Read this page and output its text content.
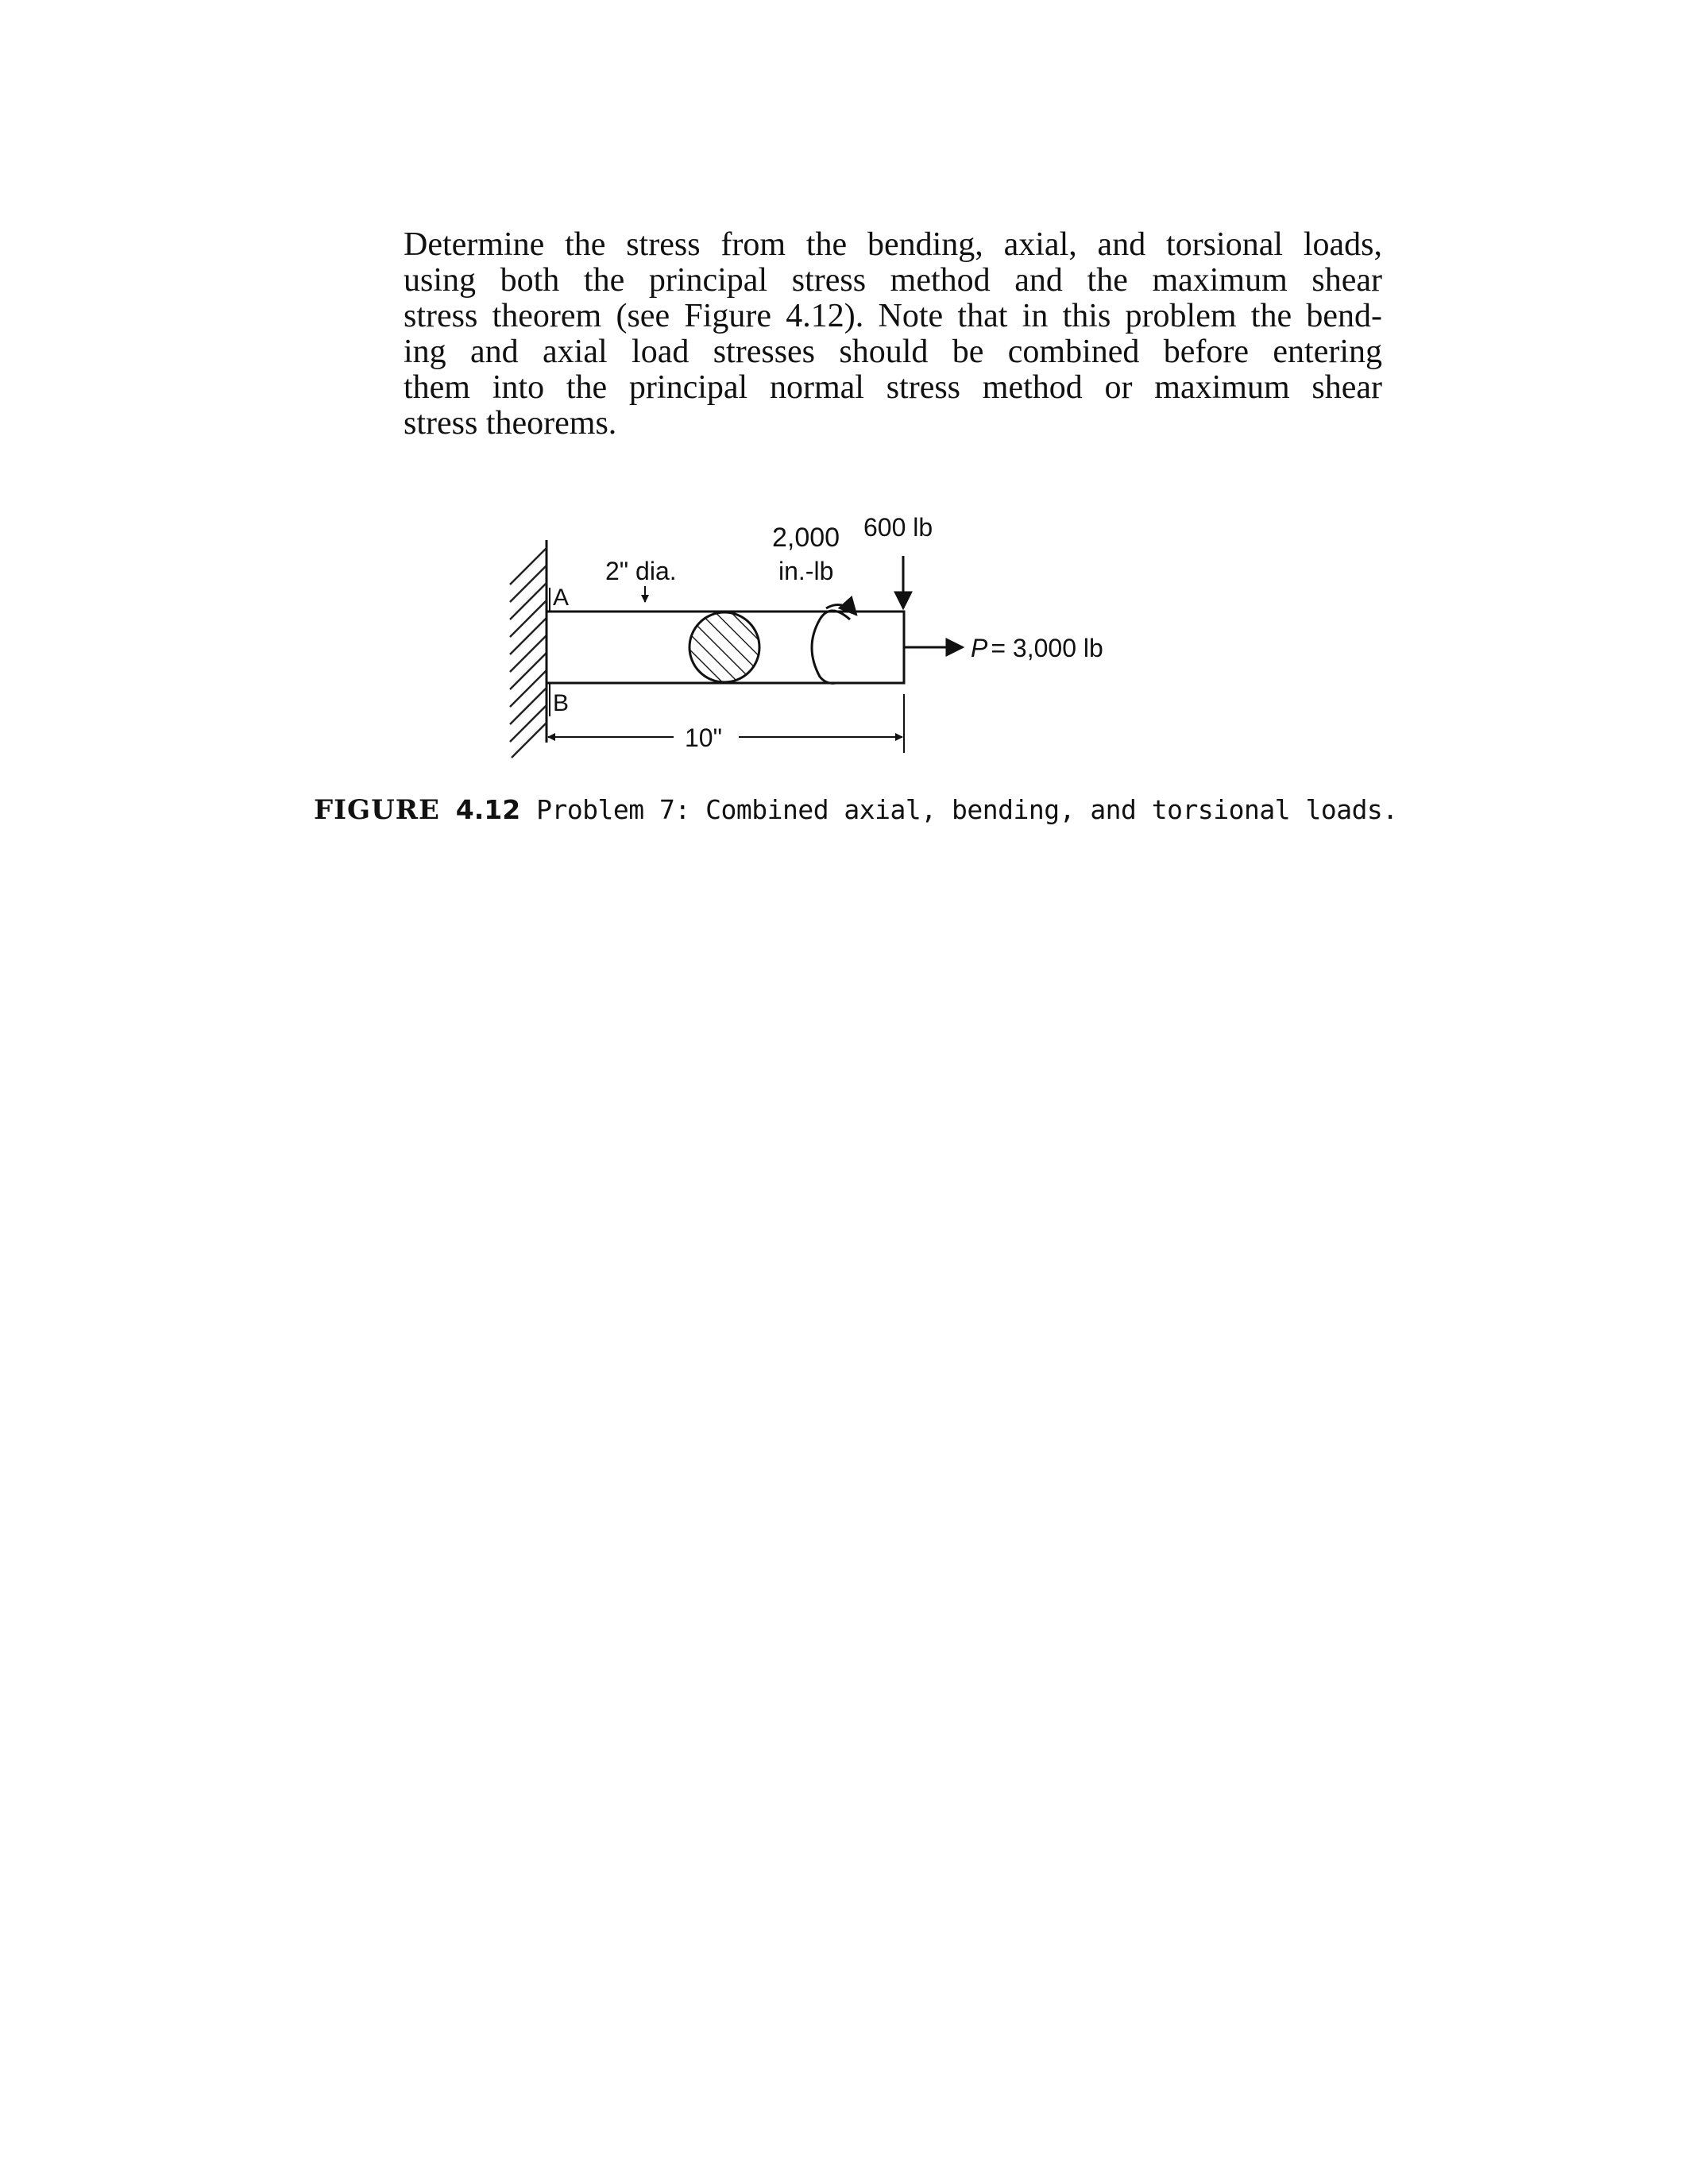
Determine the stress from the bending, axial, and torsional loads,
using both the principal stress method and the maximum shear
stress theorem (see Figure 4.12). Note that in this problem the bend-
ing and axial load stresses should be combined before entering
them into the principal normal stress method or maximum shear
stress theorems.
2" dia.
A
B
2,000
in.-lb
600 lb
P = 3,000 lb
10"
FIGURE 4.12 Problem 7: Combined axial, bending, and torsional loads.
